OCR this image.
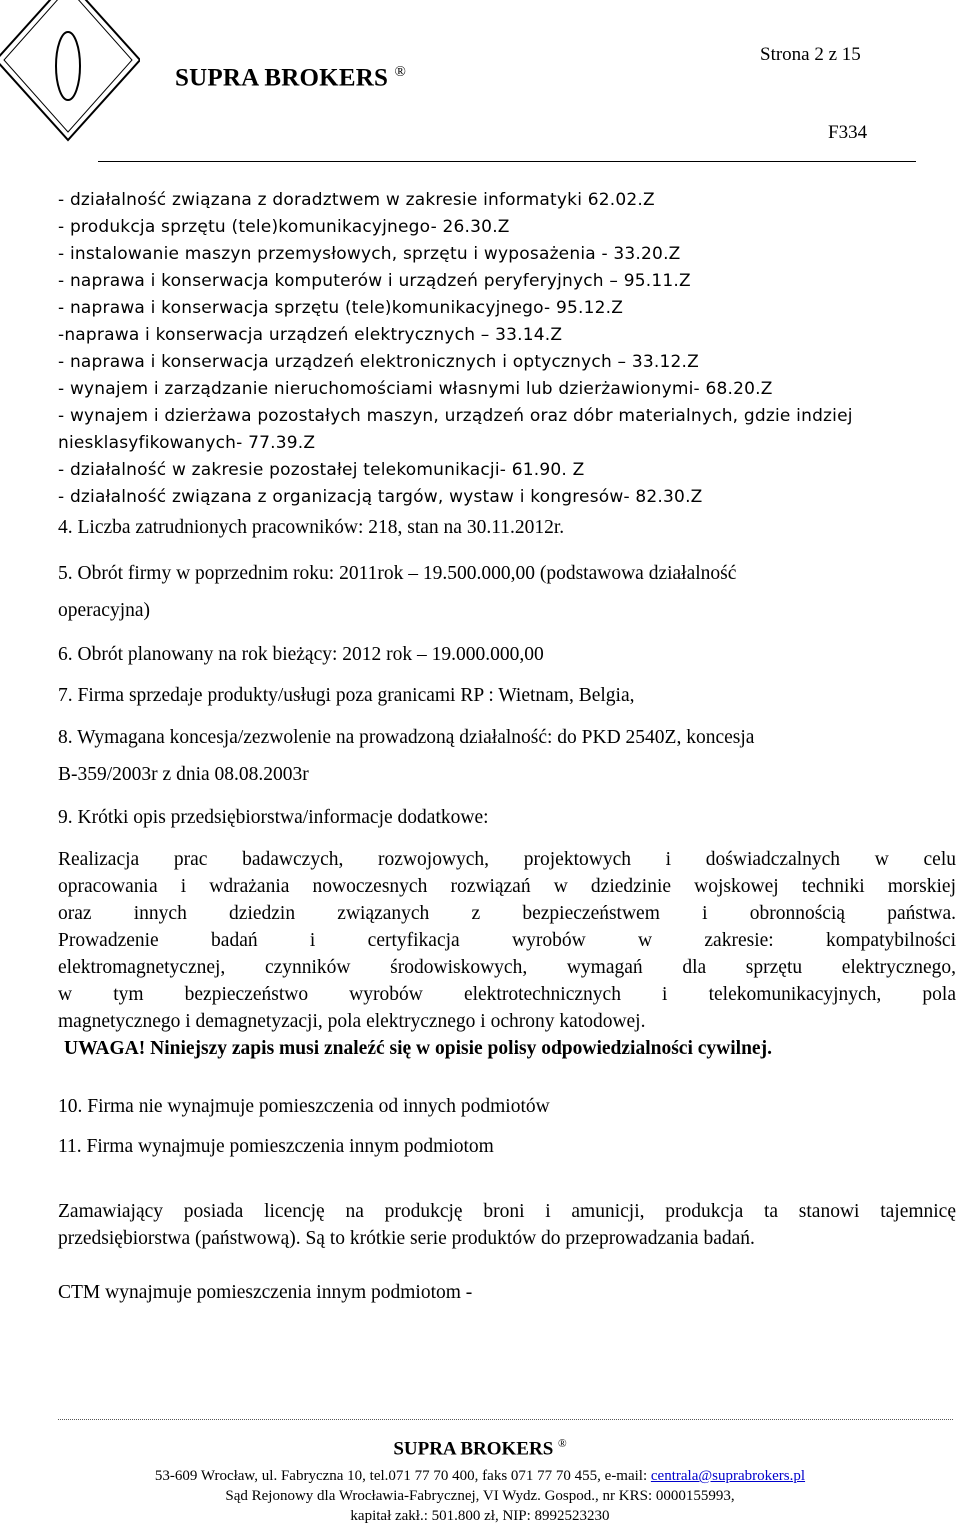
SUPRA BROKERS ®
Strona 2 z 15
F334
- działalność związana z doradztwem w zakresie informatyki 62.02.Z
- produkcja sprzętu (tele)komunikacyjnego- 26.30.Z
- instalowanie maszyn przemysłowych, sprzętu i wyposażenia - 33.20.Z
- naprawa i konserwacja komputerów i urządzeń peryferyjnych – 95.11.Z
- naprawa i konserwacja sprzętu (tele)komunikacyjnego- 95.12.Z
-naprawa i konserwacja urządzeń elektrycznych – 33.14.Z
- naprawa i konserwacja urządzeń elektronicznych i optycznych – 33.12.Z
- wynajem i zarządzanie nieruchomościami własnymi lub dzierżawionymi- 68.20.Z
- wynajem i dzierżawa pozostałych maszyn, urządzeń oraz dóbr materialnych, gdzie indziej
niesklasyfikowanych- 77.39.Z
- działalność w zakresie pozostałej telekomunikacji- 61.90. Z
- działalność związana z organizacją targów, wystaw i kongresów- 82.30.Z
4. Liczba zatrudnionych pracowników: 218, stan na 30.11.2012r.
5. Obrót firmy w poprzednim roku: 2011rok – 19.500.000,00 (podstawowa działalność
operacyjna)
6. Obrót planowany na rok bieżący: 2012 rok – 19.000.000,00
7. Firma sprzedaje produkty/usługi poza granicami RP : Wietnam, Belgia,
8. Wymagana koncesja/zezwolenie na prowadzoną działalność: do PKD 2540Z, koncesja
B-359/2003r z dnia 08.08.2003r
9. Krótki opis przedsiębiorstwa/informacje dodatkowe:
Realizacja prac badawczych, rozwojowych, projektowych i doświadczalnych w celu
opracowania i wdrażania nowoczesnych rozwiązań w dziedzinie wojskowej techniki morskiej
oraz innych dziedzin związanych z bezpieczeństwem i obronnością państwa.
Prowadzenie badań i certyfikacja wyrobów w zakresie: kompatybilności
elektromagnetycznej, czynników środowiskowych, wymagań dla sprzętu elektrycznego,
w tym bezpieczeństwo wyrobów elektrotechnicznych i telekomunikacyjnych, pola
magnetycznego i demagnetyzacji, pola elektrycznego i ochrony katodowej.
UWAGA! Niniejszy zapis musi znaleźć się w opisie polisy odpowiedzialności cywilnej.
10. Firma nie wynajmuje pomieszczenia od innych podmiotów
11. Firma wynajmuje pomieszczenia innym podmiotom
Zamawiający posiada licencję na produkcję broni i amunicji, produkcja ta stanowi tajemnicę
przedsiębiorstwa (państwową). Są to krótkie serie produktów do przeprowadzania badań.
CTM wynajmuje pomieszczenia innym podmiotom -
SUPRA BROKERS ®
53-609 Wrocław, ul. Fabryczna 10, tel.071 77 70 400, faks 071 77 70 455, e-mail: centrala@suprabrokers.pl
Sąd Rejonowy dla Wrocławia-Fabrycznej, VI Wydz. Gospod., nr KRS: 0000155993,
kapitał zakł.: 501.800 zł, NIP: 8992523230
